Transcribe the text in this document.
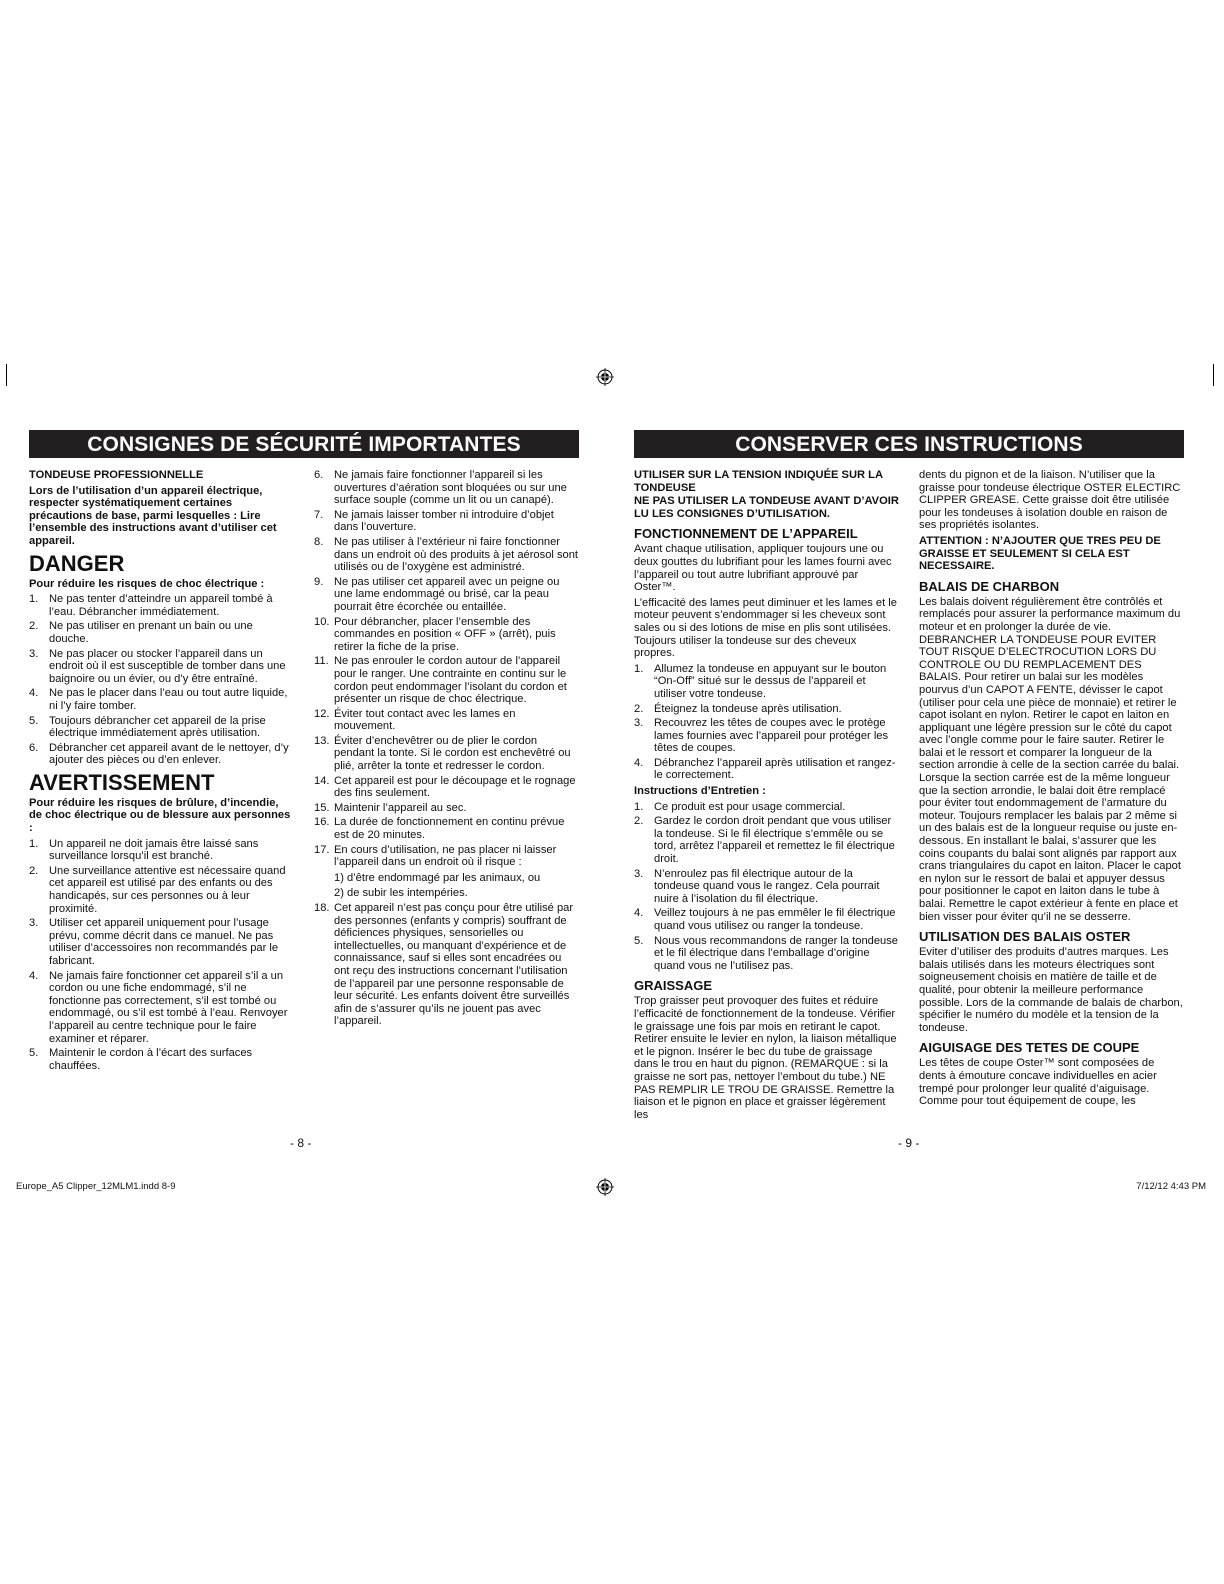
CONSIGNES DE SÉCURITÉ IMPORTANTES

TONDEUSE PROFESSIONNELLE

Lors de l’utilisation d’un appareil électrique, respecter systématiquement certaines précautions de base, parmi lesquelles : Lire l’ensemble des instructions avant d’utiliser cet appareil.

DANGER

Pour réduire les risques de choc électrique :

1. Ne pas tenter d’atteindre un appareil tombé à l’eau. Débrancher immédiatement.
2. Ne pas utiliser en prenant un bain ou une douche.
3. Ne pas placer ou stocker l’appareil dans un endroit où il est susceptible de tomber dans une baignoire ou un évier, ou d’y être entraîné.
4. Ne pas le placer dans l’eau ou tout autre liquide, ni l’y faire tomber.
5. Toujours débrancher cet appareil de la prise électrique immédiatement après utilisation.
6. Débrancher cet appareil avant de le nettoyer, d’y ajouter des pièces ou d’en enlever.
AVERTISSEMENT

Pour réduire les risques de brûlure, d’incendie, de choc électrique ou de blessure aux personnes :

1. Un appareil ne doit jamais être laissé sans surveillance lorsqu’il est branché.
2. Une surveillance attentive est nécessaire quand cet appareil est utilisé par des enfants ou des handicapés, sur ces personnes ou à leur proximité.
3. Utiliser cet appareil uniquement pour l’usage prévu, comme décrit dans ce manuel. Ne pas utiliser d’accessoires non recommandés par le fabricant.
4. Ne jamais faire fonctionner cet appareil s’il a un cordon ou une fiche endommagé, s’il ne fonctionne pas correctement, s’il est tombé ou endommagé, ou s’il est tombé à l’eau. Renvoyer l’appareil au centre technique pour le faire examiner et réparer.
5. Maintenir le cordon à l’écart des surfaces chauffées.
6. Ne jamais faire fonctionner l’appareil si les ouvertures d’aération sont bloquées ou sur une surface souple (comme un lit ou un canapé).
7. Ne jamais laisser tomber ni introduire d’objet dans l’ouverture.
8. Ne pas utiliser à l’extérieur ni faire fonctionner dans un endroit où des produits à jet aérosol sont utilisés ou de l’oxygène est administré.
9. Ne pas utiliser cet appareil avec un peigne ou une lame endommagé ou brisé, car la peau pourrait être écorchée ou entaillée.
10. Pour débrancher, placer l’ensemble des commandes en position « OFF » (arrêt), puis retirer la fiche de la prise.
11. Ne pas enrouler le cordon autour de l’appareil pour le ranger. Une contrainte en continu sur le cordon peut endommager l’isolant du cordon et présenter un risque de choc électrique.
12. Éviter tout contact avec les lames en mouvement.
13. Éviter d’enchevêtrer ou de plier le cordon pendant la tonte. Si le cordon est enchevêtré ou plié, arrêter la tonte et redresser le cordon.
14. Cet appareil est pour le découpage et le rognage des fins seulement.
15. Maintenir l’appareil au sec.
16. La durée de fonctionnement en continu prévue est de 20 minutes.
17. En cours d’utilisation, ne pas placer ni laisser l’appareil dans un endroit où il risque :
1) d’être endommagé par les animaux, ou
2) de subir les intempéries.
18. Cet appareil n’est pas conçu pour être utilisé par des personnes (enfants y compris) souffrant de déficiences physiques, sensorielles ou intellectuelles, ou manquant d’expérience et de connaissance, sauf si elles sont encadrées ou ont reçu des instructions concernant l’utilisation de l’appareil par une personne responsable de leur sécurité. Les enfants doivent être surveillés afin de s’assurer qu’ils ne jouent pas avec l’appareil.
- 8 -
CONSERVER CES INSTRUCTIONS

UTILISER SUR LA TENSION INDIQUÉE SUR LA TONDEUSE

NE PAS UTILISER LA TONDEUSE AVANT D’AVOIR LU LES CONSIGNES D’UTILISATION.

FONCTIONNEMENT DE L’APPAREIL

Avant chaque utilisation, appliquer toujours une ou deux gouttes du lubrifiant pour les lames fourni avec l’appareil ou tout autre lubrifiant approuvé par Oster™.

L’efficacité des lames peut diminuer et les lames et le moteur peuvent s’endommager si les cheveux sont sales ou si des lotions de mise en plis sont utilisées. Toujours utiliser la tondeuse sur des cheveux propres.

1. Allumez la tondeuse en appuyant sur le bouton “On-Off” situé sur le dessus de l’appareil et utiliser votre tondeuse.
2. Éteignez la tondeuse après utilisation.
3. Recouvrez les têtes de coupes avec le protège lames fournies avec l’appareil pour protéger les têtes de coupes.
4. Débranchez l’appareil après utilisation et rangez-le correctement.

Instructions d’Entretien :

1. Ce produit est pour usage commercial.
2. Gardez le cordon droit pendant que vous utiliser la tondeuse. Si le fil électrique s’emmêle ou se tord, arrêtez l’appareil et remettez le fil électrique droit.
3. N’enroulez pas fil électrique autour de la tondeuse quand vous le rangez. Cela pourrait nuire à l’isolation du fil électrique.
4. Veillez toujours à ne pas emmêler le fil électrique quand vous utilisez ou ranger la tondeuse.
5. Nous vous recommandons de ranger la tondeuse et le fil électrique dans l’emballage d’origine quand vous ne l’utilisez pas.
GRAISSAGE

Trop graisser peut provoquer des fuites et réduire l’efficacité de fonctionnement de la tondeuse. Vérifier le graissage une fois par mois en retirant le capot. Retirer ensuite le levier en nylon, la liaison métallique et le pignon. Insérer le bec du tube de graissage dans le trou en haut du pignon. (REMARQUE : si la graisse ne sort pas, nettoyer l’embout du tube.) NE PAS REMPLIR LE TROU DE GRAISSE. Remettre la liaison et le pignon en place et graisser légèrement les

dents du pignon et de la liaison. N’utiliser que la graisse pour tondeuse électrique OSTER ELECTIRC CLIPPER GREASE. Cette graisse doit être utilisée pour les tondeuses à isolation double en raison de ses propriétés isolantes.

ATTENTION : N’AJOUTER QUE TRES PEU DE GRAISSE ET SEULEMENT SI CELA EST NECESSAIRE.

BALAIS DE CHARBON

Les balais doivent régulièrement être contrôlés et remplacés pour assurer la performance maximum du moteur et en prolonger la durée de vie. DEBRANCHER LA TONDEUSE POUR EVITER TOUT RISQUE D’ELECTROCUTION LORS DU CONTROLE OU DU REMPLACEMENT DES BALAIS. Pour retirer un balai sur les modèles pourvus d’un CAPOT A FENTE, dévisser le capot (utiliser pour cela une pièce de monnaie) et retirer le capot isolant en nylon. Retirer le capot en laiton en appliquant une légère pression sur le côté du capot avec l’ongle comme pour le faire sauter. Retirer le balai et le ressort et comparer la longueur de la section arrondie à celle de la section carrée du balai. Lorsque la section carrée est de la même longueur que la section arrondie, le balai doit être remplacé pour éviter tout endommagement de l’armature du moteur. Toujours remplacer les balais par 2 même si un des balais est de la longueur requise ou juste en-dessous. En installant le balai, s’assurer que les coins coupants du balai sont alignés par rapport aux crans triangulaires du capot en laiton. Placer le capot en nylon sur le ressort de balai et appuyer dessus pour positionner le capot en laiton dans le tube à balai. Remettre le capot extérieur à fente en place et bien visser pour éviter qu’il ne se desserre.

UTILISATION DES BALAIS OSTER

Eviter d’utiliser des produits d’autres marques. Les balais utilisés dans les moteurs électriques sont soigneusement choisis en matière de taille et de qualité, pour obtenir la meilleure performance possible. Lors de la commande de balais de charbon, spécifier le numéro du modèle et la tension de la tondeuse.

AIGUISAGE DES TETES DE COUPE

Les têtes de coupe Oster™ sont composées de dents à émouture concave individuelles en acier trempé pour prolonger leur qualité d’aiguisage. Comme pour tout équipement de coupe, les

- 9 -
Europe_A5 Clipper_12MLM1.indd 8-9	7/12/12 4:43 PM
